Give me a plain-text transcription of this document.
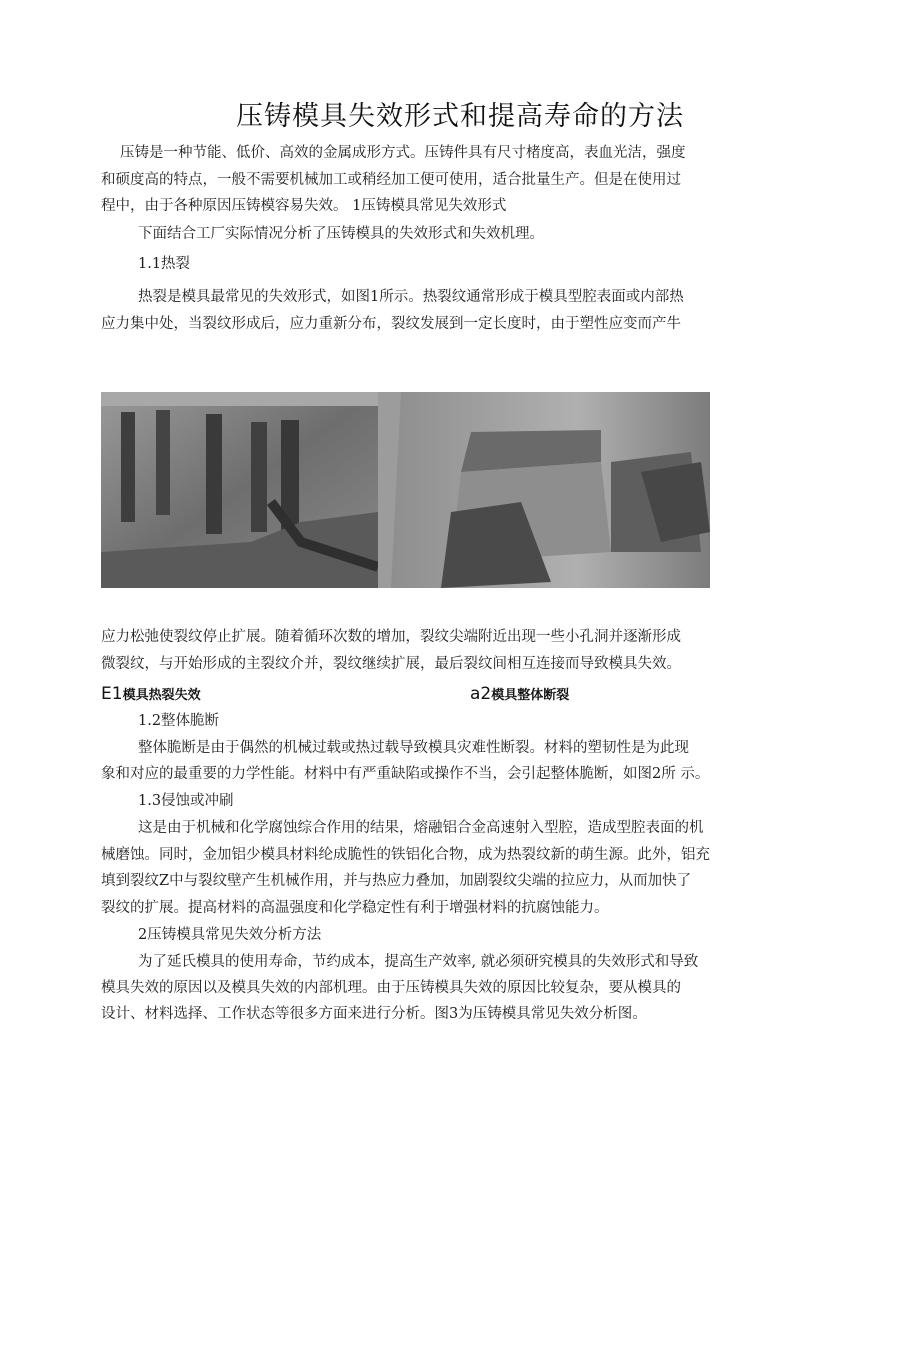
压铸模具失效形式和提高寿命的方法
压铸是一种节能、低价、高效的金属成形方式。压铸件具有尺寸楮度高，表血光洁，强度
和硕度高的特点，一般不需要机械加工或稍经加工便可使用，适合批量生产。但是在使用过
程中，由于各种原因压铸模容易失效。 1压铸模具常见失效形式
下面结合工厂实际情况分析了压铸模具的失效形式和失效机理。
1.1热裂
热裂是模具最常见的失效形式，如图1所示。热裂纹通常形成于模具型腔表面或内部热
应力集中处，当裂纹形成后，应力重新分布，裂纹发展到一定长度时，由于塑性应变而产牛
应力松弛使裂纹停止扩展。随着循环次数的增加，裂纹尖端附近出现一些小孔洞并逐渐形成
微裂纹，与开始形成的主裂纹介并，裂纹继续扩展，最后裂纹间相互连接而导致模具失效。
E1模具热裂失效	a2模具整体断裂
1.2整体脆断
整体脆断是由于偶然的机械过载或热过载导致模具灾难性断裂。材料的塑韧性是为此现
象和对应的最重要的力学性能。材料中有严重缺陷或操作不当，会引起整体脆断，如图2所 示。
1.3侵蚀或冲刷
这是由于机械和化学腐蚀综合作用的结果，熔融铝合金高速射入型腔，造成型腔表面的机
械磨蚀。同时，金加铝少模具材料纶成脆性的铁铝化合物，成为热裂纹新的萌生源。此外，铝充
填到裂纹Z中与裂纹壁产生机械作用，并与热应力叠加，加剧裂纹尖端的拉应力，从而加快了
裂纹的扩展。提高材料的高温强度和化学稳定性有利于增强材料的抗腐蚀能力。
2压铸模具常见失效分析方法
为了延氏模具的使用寿命，节约成本，提高生产效率, 就必须研究模具的失效形式和导致
模具失效的原因以及模具失效的内部机理。由于压铸模具失效的原因比较复杂，要从模具的
设计、材料选择、工作状态等很多方面来进行分析。图3为压铸模具常见失效分析图。
